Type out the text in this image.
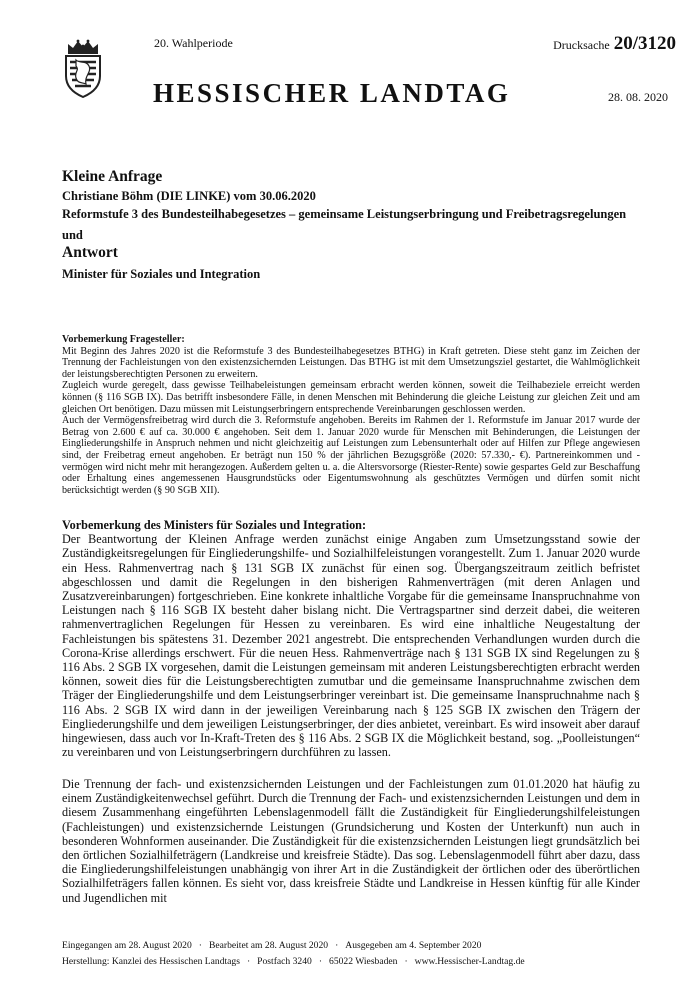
20. Wahlperiode	Drucksache 20/3120
HESSISCHER LANDTAG	28. 08. 2020
Kleine Anfrage
Christiane Böhm (DIE LINKE) vom 30.06.2020
Reformstufe 3 des Bundesteilhabegesetzes – gemeinsame Leistungserbringung und Freibetragsregelungen
und
Antwort
Minister für Soziales und Integration
Vorbemerkung Fragesteller:

Mit Beginn des Jahres 2020 ist die Reformstufe 3 des Bundesteilhabegesetzes BTHG) in Kraft getreten. Diese steht ganz im Zeichen der Trennung der Fachleistungen von den existenzsichernden Leistungen. Das BTHG ist mit dem Umsetzungsziel gestartet, die Wahlmöglichkeit der leistungsberechtigten Personen zu erweitern.

Zugleich wurde geregelt, dass gewisse Teilhabeleistungen gemeinsam erbracht werden können, soweit die Teilhabeziele erreicht werden können (§ 116 SGB IX). Das betrifft insbesondere Fälle, in denen Menschen mit Behinderung die gleiche Leistung zur gleichen Zeit und am gleichen Ort benötigen. Dazu müssen mit Leistungserbringern entsprechende Vereinbarungen geschlossen werden.

Auch der Vermögensfreibetrag wird durch die 3. Reformstufe angehoben. Bereits im Rahmen der 1. Reformstufe im Januar 2017 wurde der Betrag von 2.600 € auf ca. 30.000 € angehoben. Seit dem 1. Januar 2020 wurde für Menschen mit Behinderungen, die Leistungen der Eingliederungshilfe in Anspruch nehmen und nicht gleichzeitig auf Leistungen zum Lebensunterhalt oder auf Hilfen zur Pflege angewiesen sind, der Freibetrag erneut angehoben. Er beträgt nun 150 % der jährlichen Bezugsgröße (2020: 57.330,- €). Partnereinkommen und -vermögen wird nicht mehr mit herangezogen. Außerdem gelten u. a. die Altersvorsorge (Riester-Rente) sowie gespartes Geld zur Beschaffung oder Erhaltung eines angemessenen Hausgrundstücks oder Eigentumswohnung als geschütztes Vermögen und dürfen somit nicht berücksichtigt werden (§ 90 SGB XII).

Vorbemerkung des Ministers für Soziales und Integration:

Der Beantwortung der Kleinen Anfrage werden zunächst einige Angaben zum Umsetzungsstand sowie der Zuständigkeitsregelungen für Eingliederungshilfe- und Sozialhilfeleistungen vorangestellt. Zum 1. Januar 2020 wurde ein Hess. Rahmenvertrag nach § 131 SGB IX zunächst für einen sog. Übergangszeitraum zeitlich befristet abgeschlossen und damit die Regelungen in den bisherigen Rahmenverträgen (mit deren Anlagen und Zusatzvereinbarungen) fortgeschrieben. Eine konkrete inhaltliche Vorgabe für die gemeinsame Inanspruchnahme von Leistungen nach § 116 SGB IX besteht daher bislang nicht. Die Vertragspartner sind derzeit dabei, die weiteren rahmenvertraglichen Regelungen für Hessen zu vereinbaren. Es wird eine inhaltliche Neugestaltung der Fachleistungen bis spätestens 31. Dezember 2021 angestrebt. Die entsprechenden Verhandlungen wurden durch die Corona-Krise allerdings erschwert. Für die neuen Hess. Rahmenverträge nach § 131 SGB IX sind Regelungen zu § 116 Abs. 2 SGB IX vorgesehen, damit die Leistungen gemeinsam mit anderen Leistungsberechtigten erbracht werden können, soweit dies für die Leistungsberechtigten zumutbar und die gemeinsame Inanspruchnahme zwischen dem Träger der Eingliederungshilfe und dem Leistungserbringer vereinbart ist. Die gemeinsame Inanspruchnahme nach § 116 Abs. 2 SGB IX wird dann in der jeweiligen Vereinbarung nach § 125 SGB IX zwischen den Trägern der Eingliederungshilfe und dem jeweiligen Leistungserbringer, der dies anbietet, vereinbart. Es wird insoweit aber darauf hingewiesen, dass auch vor In-Kraft-Treten des § 116 Abs. 2 SGB IX die Möglichkeit bestand, sog. „Poolleistungen“ zu vereinbaren und von Leistungserbringern durchführen zu lassen.

Die Trennung der fach- und existenzsichernden Leistungen und der Fachleistungen zum 01.01.2020 hat häufig zu einem Zuständigkeitenwechsel geführt. Durch die Trennung der Fach- und existenzsichernden Leistungen und dem in diesem Zusammenhang eingeführten Lebenslagenmodell fällt die Zuständigkeit für Eingliederungshilfeleistungen (Fachleistungen) und existenzsichernde Leistungen (Grundsicherung und Kosten der Unterkunft) nun auch in besonderen Wohnformen auseinander. Die Zuständigkeit für die existenzsichernden Leistungen liegt grundsätzlich bei den örtlichen Sozialhilfeträgern (Landkreise und kreisfreie Städte). Das sog. Lebenslagenmodell führt aber dazu, dass die Eingliederungshilfeleistungen unabhängig von ihrer Art in die Zuständigkeit der örtlichen oder des überörtlichen Sozialhilfeträgers fallen können. Es sieht vor, dass kreisfreie Städte und Landkreise in Hessen künftig für alle Kinder und Jugendlichen mit

Eingegangen am 28. August 2020 · Bearbeitet am 28. August 2020 · Ausgegeben am 4. September 2020
Herstellung: Kanzlei des Hessischen Landtags · Postfach 3240 · 65022 Wiesbaden · www.Hessischer-Landtag.de
